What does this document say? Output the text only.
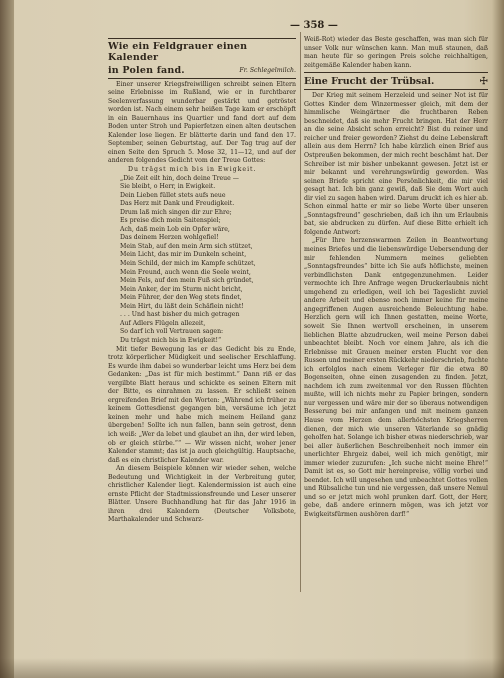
— 358 —
Wie ein Feldgrauer einen Kalender
in Polen fand.	Fr. Schlegelmilch.

Einer unserer Kriegsfreiwilligen schreibt seinen Eltern seine Erlebnisse im Rußland, wie er in furchtbarer Seelenverfassung wunderbar gestärkt und getröstet worden ist. Nach einem sehr heißen Tage kam er erschöpft in ein Bauernhaus ins Quartier und fand dort auf dem Boden unter Stroh und Papierfetzen einen alten deutschen Kalender lose liegen. Er blätterte darin und fand den 17. September, seinen Geburtstag, auf. Der Tag trug auf der einen Seite den Spruch 5. Mose 32, 11—12, und auf der anderen folgendes Gedicht vom der Treue Gottes:

Du trägst mich bis in Ewigkeit.

„Die Zeit eilt hin, doch deine Treue —
Sie bleibt, o Herr, in Ewigkeit.
Dein Lieben füllet stets aufs neue
Das Herz mit Dank und Freudigkeit.
Drum laß mich singen dir zur Ehre;
Es preise dich mein Saitenspiel;
Ach, daß mein Lob ein Opfer wäre,
Das deinem Herzen wohlgefiel!
Mein Stab, auf den mein Arm sich stützet,
Mein Licht, das mir im Dunkeln scheint,
Mein Schild, der mich im Kampfe schützet,
Mein Freund, auch wenn die Seele weint,
Mein Fels, auf den mein Fuß sich gründet,
Mein Anker, der im Sturm nicht bricht,
Mein Führer, der den Weg stets findet,
Mein Hirt, du läßt dein Schäflein nicht!
. . . Und hast bisher du mich getragen
Auf Adlers Flügeln allezeit,
So darf ich voll Vertrauen sagen:
Du trägst mich bis in Ewigkeit!“

Mit tiefer Bewegung las er das Gedicht bis zu Ende, trotz körperlicher Müdigkeit und seelischer Erschlaffung. Es wurde ihm dabei so wunderbar leicht ums Herz bei dem Gedanken: „Das ist für mich bestimmt.“ Dann riß er das vergilbte Blatt heraus und schickte es seinen Eltern mit der Bitte, es einrahmen zu lassen. Er schließt seinen ergreifenden Brief mit den Worten: „Während ich früher zu keinem Gottesdienst gegangen bin, versäume ich jetzt keinen mehr und habe mich meinem Heiland ganz übergeben! Sollte ich nun fallen, bann sein getrost, denn ich weiß: „Wer da lebet und glaubet an ihn, der wird leben, ob er gleich stürbe.““ — Wir wissen nicht, woher jener Kalender stammt; das ist ja auch gleichgültig. Hauptsache, daß es ein christlicher Kalender war.

An diesem Beispiele können wir wieder sehen, welche Bedeutung und Wichtigkeit in der Verbreitung guter, christlicher Kalender liegt. Kalendermission ist auch eine ernste Pflicht der Stadtmissionsfreunde und Leser unserer Blätter. Unsere Buchhandlung hat für das Jahr 1916 in ihren drei Kalendern (Deutscher Volksbote, Marthakalender und Schwarz-

Weiß-Rot) wieder das Beste geschaffen, was man sich für unser Volk nur wünschen kann. Man muß staunen, daß man heute für so geringen Preis solche reichhaltigen, zeitgemäße Kalender haben kann.

Eine Frucht der Trübsal.	☩

Der Krieg mit seinem Herzeleid und seiner Not ist für Gottes Kinder dem Winzermesser gleich, mit dem der himmlische Weingärtner die fruchtbaren Reben beschneidet, daß sie mehr Frucht bringen. Hat der Herr an die seine Absicht schon erreicht? Bist du reiner und reicher und freier geworden? Ziehst du deine Lebenskraft allein aus dem Herrn? Ich habe kürzlich einen Brief aus Ostpreußen bekommen, der mich recht beschämt hat. Der Schreiber ist mir bisher unbekannt gewesen. Jetzt ist er mir bekannt und verehrungswürdig geworden. Was seinen Briefe spricht eine Persönlichkeit, die mir viel gesagt hat. Ich bin ganz gewiß, daß Sie dem Wort auch dir viel zu sagen haben wird. Darum druckt ich es hier ab. Schon einmal hatte er mir so liebe Worte über unseren „Sonntagsfreund“ geschrieben, daß ich ihn um Erlaubnis bat, sie abdrucken zu dürfen. Auf diese Bitte erhielt ich folgende Antwort:

„Für Ihre herzenswarmen Zeilen in Beantwortung meines Briefes und die liebenswürdige Uebersendung der mir fehlenden Nummern meines geliebten „Sonntagsfreundes“ bitte ich Sie aufs höflichste, meinen verbindlichsten Dank entgegenzunehmen. Leider vermochte ich Ihre Anfrage wegen Druckerlaubnis nicht umgehend zu erledigen, weil ich bei Tageslicht zuviel andere Arbeit und ebenso noch immer keine für meine angegriffenen Augen ausreichende Beleuchtung habe. Herzlich gern will ich Ihnen gestatten, meine Worte, soweit Sie Ihnen wertvoll erscheinen, in unserem lieblichen Blatte abzudrucken, weil meine Person dabei unbeachtet bleibt. Noch vor einem Jahre, als ich die Erlebnisse mit Grauen meiner ersten Flucht vor den Russen und meiner ersten Rückkehr niederschrieb, fuchte ich erfolglos nach einem Verleger für die etwa 80 Bogenseiten, ohne einen zusagenden zu finden. Jetzt, nachdem ich zum zweitenmal vor den Russen flüchten mußte, will ich nichts mehr zu Papier bringen, sondern nur vergessen und wäre mir der so überaus notwendigen Besserung bei mir anfangen und mit meinem ganzen Hause vom Herzen dem allerhöchsten Kriegsherren dienen, der mich wie unseren Väterlande so gnädig geholfen hat. Solange ich bisher etwas niederschrieb, war bei aller äußerlichen Beschreibenheit noch immer ein unerlichter Ehrgeiz dabei, weil ich mich genötigt, mir immer wieder zuzurufen: „Ich suche nicht meine Ehre!“ Damit ist es, so Gott mir hereinpreise, völlig vorbei und beendet. Ich will ungesehen und unbeachtet Gottes vollen und Rübsaliche tun und nie vergessen, daß unsere Nemul und so er jetzt mich wohl prunken darf. Gott, der Herr, gebe, daß andere erinnern mögen, was ich jetzt vor Ewigkeitsfürmen aushören darf!“
